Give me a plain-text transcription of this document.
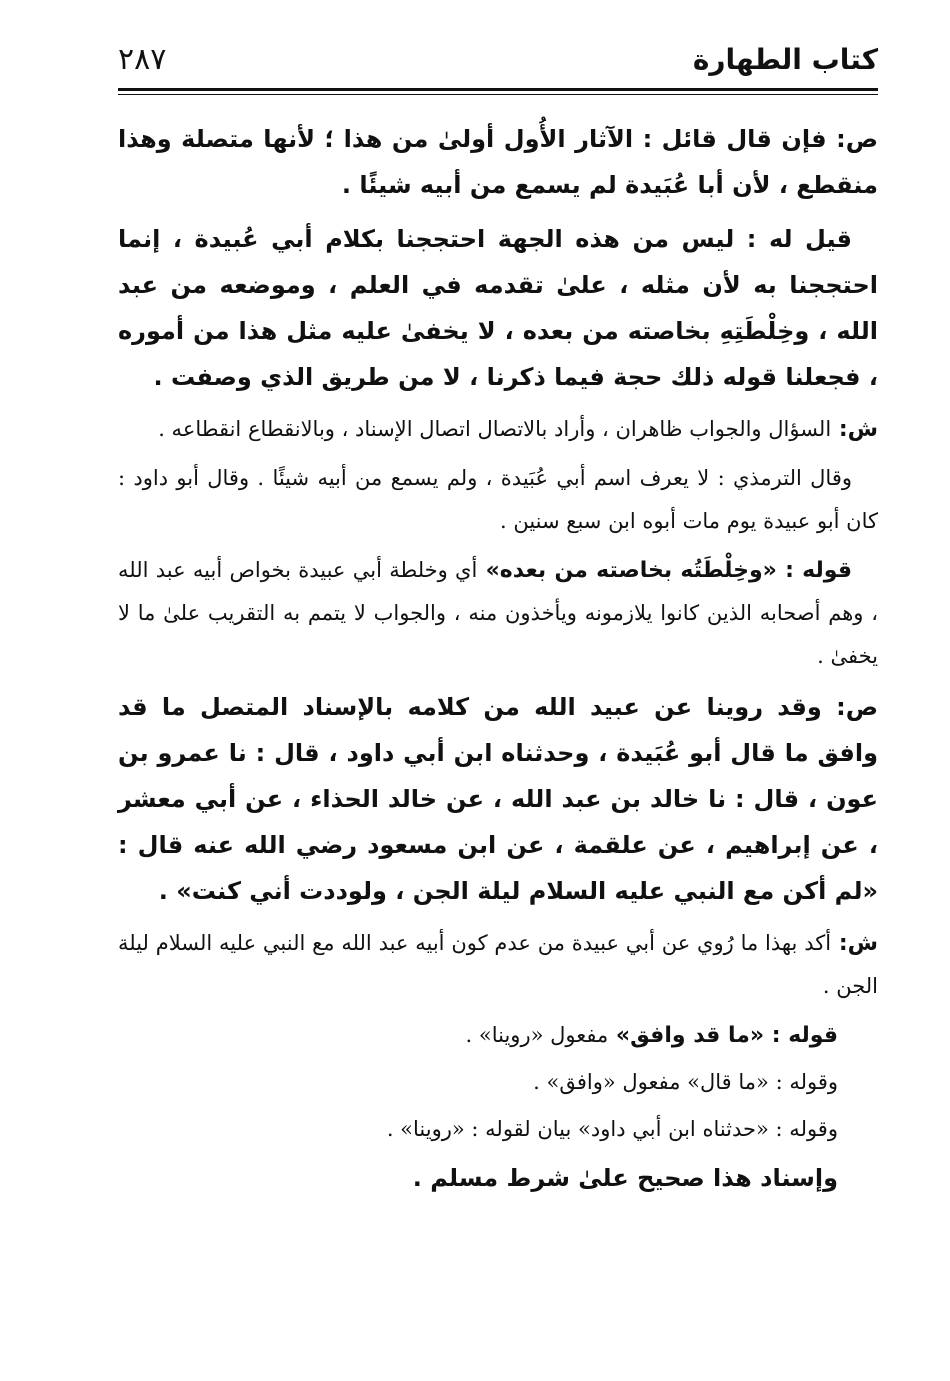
كتاب الطهارة
٢٨٧

ص: فإن قال قائل : الآثار الأُول أولىٰ من هذا ؛ لأنها متصلة وهذا منقطع ، لأن أبا عُبَيدة لم يسمع من أبيه شيئًا .

قيل له : ليس من هذه الجهة احتججنا بكلام أبي عُبيدة ، إنما احتججنا به لأن مثله ، علىٰ تقدمه في العلم ، وموضعه من عبد الله ، وخِلْطَتِهِ بخاصته من بعده ، لا يخفىٰ عليه مثل هذا من أموره ، فجعلنا قوله ذلك حجة فيما ذكرنا ، لا من طريق الذي وصفت .

ش: السؤال والجواب ظاهران ، وأراد بالاتصال اتصال الإسناد ، وبالانقطاع انقطاعه .

وقال الترمذي : لا يعرف اسم أبي عُبَيدة ، ولم يسمع من أبيه شيئًا . وقال أبو داود : كان أبو عبيدة يوم مات أبوه ابن سبع سنين .

قوله : «وخِلْطَتُه بخاصته من بعده» أي وخلطة أبي عبيدة بخواص أبيه عبد الله ، وهم أصحابه الذين كانوا يلازمونه ويأخذون منه ، والجواب لا يتمم به التقريب علىٰ ما لا يخفىٰ .

ص: وقد روينا عن عبيد الله من كلامه بالإسناد المتصل ما قد وافق ما قال أبو عُبَيدة ، وحدثناه ابن أبي داود ، قال : نا عمرو بن عون ، قال : نا خالد بن عبد الله ، عن خالد الحذاء ، عن أبي معشر ، عن إبراهيم ، عن علقمة ، عن ابن مسعود رضي الله عنه قال : «لم أكن مع النبي عليه السلام ليلة الجن ، ولوددت أني كنت» .

ش: أكد بهذا ما رُوي عن أبي عبيدة من عدم كون أبيه عبد الله مع النبي عليه السلام ليلة الجن .

قوله : «ما قد وافق» مفعول «روينا» .

وقوله : «ما قال» مفعول «وافق» .

وقوله : «حدثناه ابن أبي داود» بيان لقوله : «روينا» .

وإسناد هذا صحيح علىٰ شرط مسلم .
